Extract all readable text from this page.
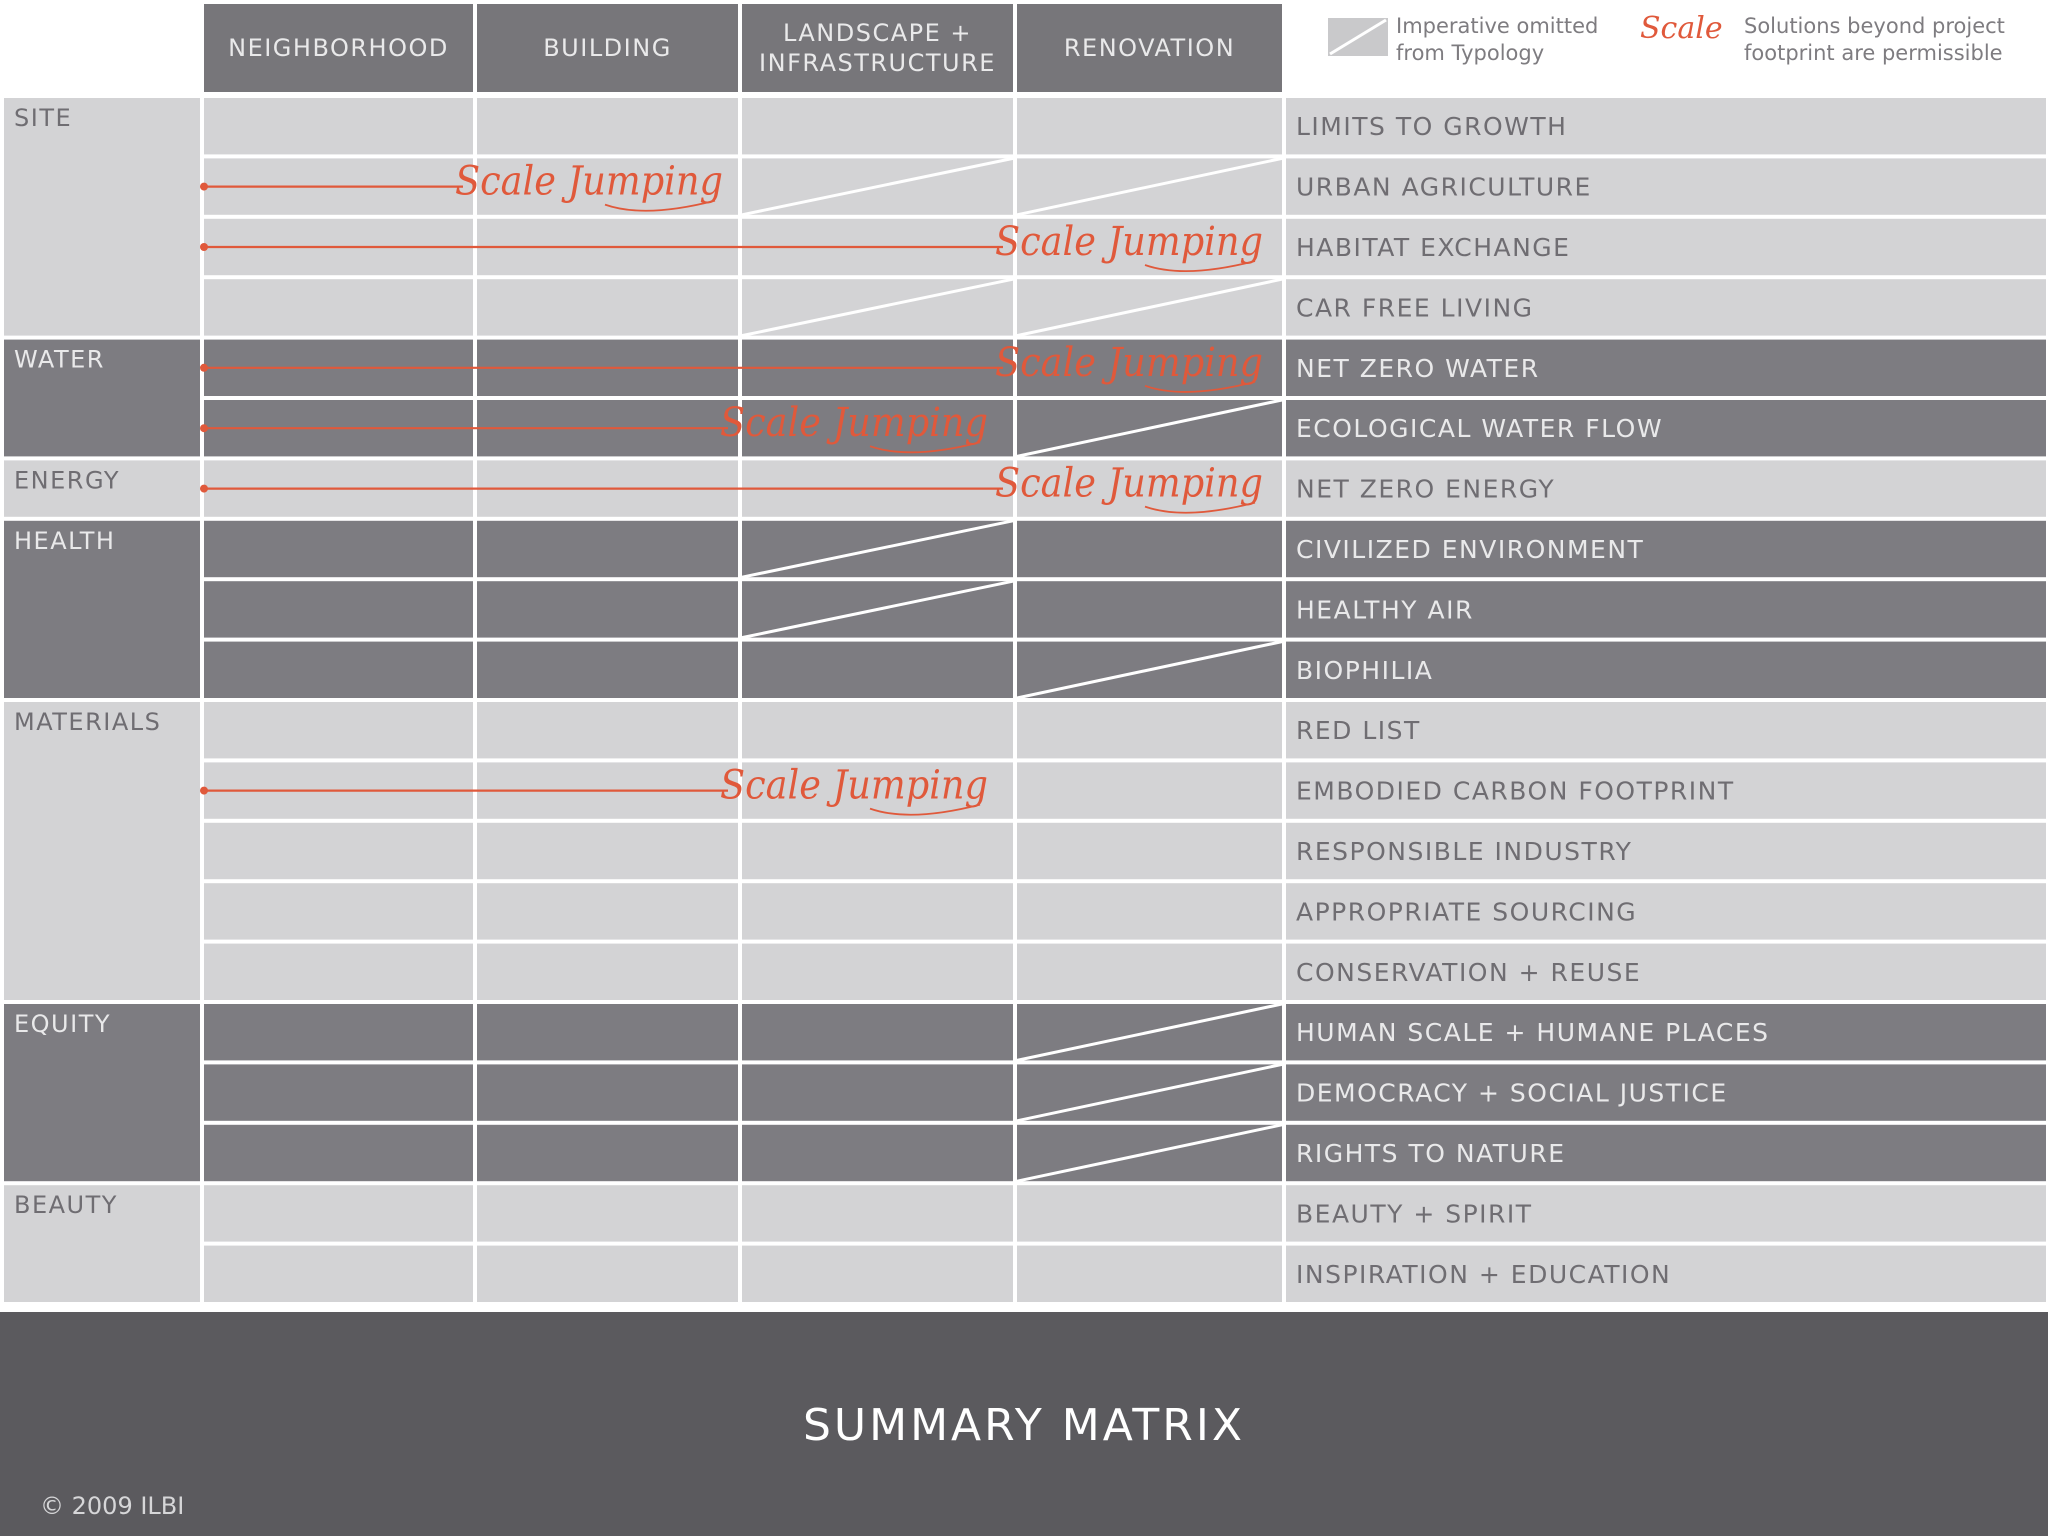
SITE
WATER
ENERGY
HEALTH
MATERIALS
EQUITY
BEAUTY
LIMITS TO GROWTH
URBAN AGRICULTURE
HABITAT EXCHANGE
CAR FREE LIVING
NET ZERO WATER
ECOLOGICAL WATER FLOW
NET ZERO ENERGY
CIVILIZED ENVIRONMENT
HEALTHY AIR
BIOPHILIA
RED LIST
EMBODIED CARBON FOOTPRINT
RESPONSIBLE INDUSTRY
APPROPRIATE SOURCING
CONSERVATION + REUSE
HUMAN SCALE + HUMANE PLACES
DEMOCRACY + SOCIAL JUSTICE
RIGHTS TO NATURE
BEAUTY + SPIRIT
INSPIRATION + EDUCATION
Scale Jumping
Scale Jumping
Scale Jumping
Scale Jumping
Scale Jumping
Scale Jumping
NEIGHBORHOOD	BUILDING
LANDSCAPE + INFRASTRUCTURE
RENOVATION
Imperative omitted from Typology
Scale Solutions beyond project footprint are permissible
SUMMARY MATRIX
© 2009 ILBI
